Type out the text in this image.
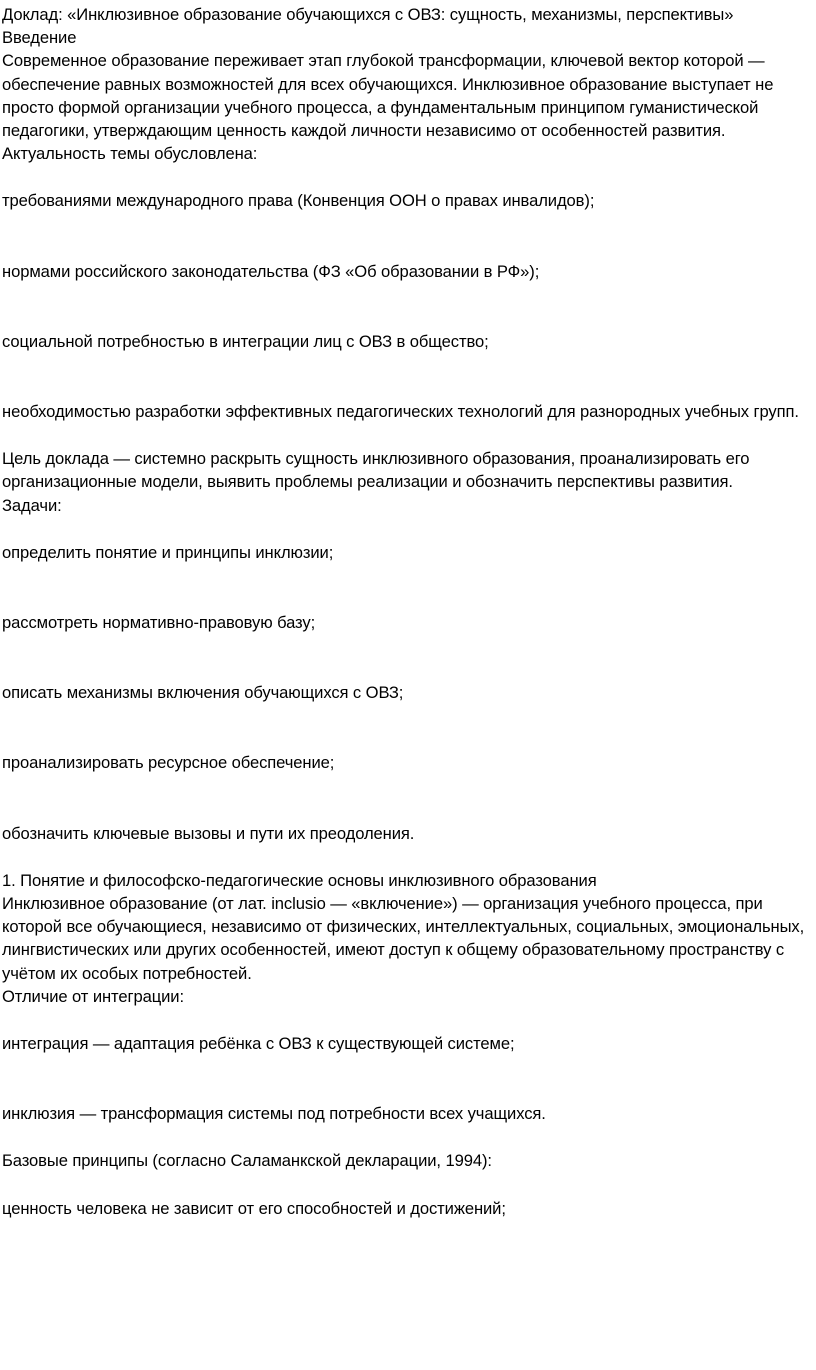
Доклад: «Инклюзивное образование обучающихся с ОВЗ: сущность, механизмы, перспективы»

Введение

Современное образование переживает этап глубокой трансформации, ключевой вектор которой — обеспечение равных возможностей для всех обучающихся. Инклюзивное образование выступает не просто формой организации учебного процесса, а фундаментальным принципом гуманистической педагогики, утверждающим ценность каждой личности независимо от особенностей развития.

Актуальность темы обусловлена:

требованиями международного права (Конвенция ООН о правах инвалидов);

нормами российского законодательства (ФЗ «Об образовании в РФ»);

социальной потребностью в интеграции лиц с ОВЗ в общество;

необходимостью разработки эффективных педагогических технологий для разнородных учебных групп.

Цель доклада — системно раскрыть сущность инклюзивного образования, проанализировать его организационные модели, выявить проблемы реализации и обозначить перспективы развития.

Задачи:

определить понятие и принципы инклюзии;

рассмотреть нормативно-правовую базу;

описать механизмы включения обучающихся с ОВЗ;

проанализировать ресурсное обеспечение;

обозначить ключевые вызовы и пути их преодоления.

1. Понятие и философско-педагогические основы инклюзивного образования

Инклюзивное образование (от лат. inclusio — «включение») — организация учебного процесса, при которой все обучающиеся, независимо от физических, интеллектуальных, социальных, эмоциональных, лингвистических или других особенностей, имеют доступ к общему образовательному пространству с учётом их особых потребностей.

Отличие от интеграции:

интеграция — адаптация ребёнка с ОВЗ к существующей системе;

инклюзия — трансформация системы под потребности всех учащихся.

Базовые принципы (согласно Саламанкской декларации, 1994):

ценность человека не зависит от его способностей и достижений;
